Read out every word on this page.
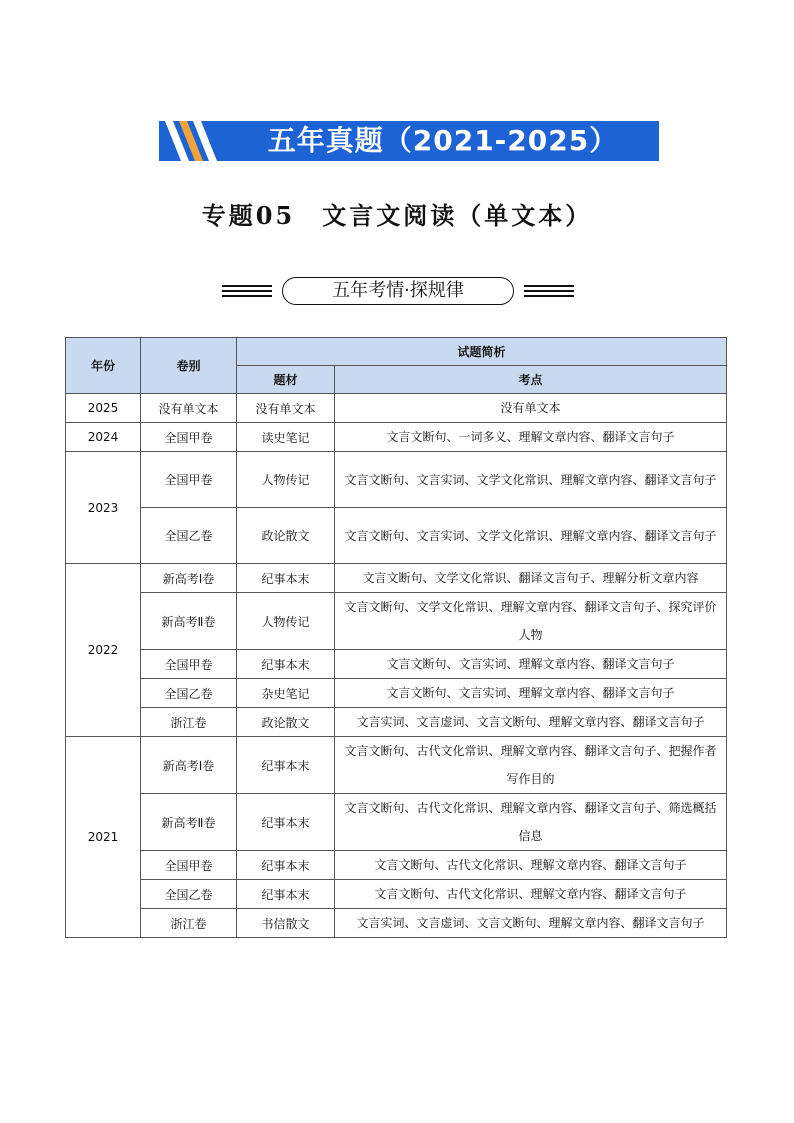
五年真题（2021-2025）
专题05　文言文阅读（单文本）
五年考情·探规律
年份	卷别	试题简析	
		题材	考点
2025	没有单文本	没有单文本	没有单文本
2024	全国甲卷	读史笔记	文言文断句、一词多义、理解文章内容、翻译文言句子
2023	全国甲卷	人物传记	文言文断句、文言实词、文学文化常识、理解文章内容、翻译文言句子
	全国乙卷	政论散文	文言文断句、文言实词、文学文化常识、理解文章内容、翻译文言句子
2022	新高考Ⅰ卷	纪事本末	文言文断句、文学文化常识、翻译文言句子、理解分析文章内容
	新高考Ⅱ卷	人物传记	文言文断句、文学文化常识、理解文章内容、翻译文言句子、探究评价人物
	全国甲卷	纪事本末	文言文断句、文言实词、理解文章内容、翻译文言句子
	全国乙卷	杂史笔记	文言文断句、文言实词、理解文章内容、翻译文言句子
	浙江卷	政论散文	文言实词、文言虚词、文言文断句、理解文章内容、翻译文言句子
2021	新高考Ⅰ卷	纪事本末	文言文断句、古代文化常识、理解文章内容、翻译文言句子、把握作者写作目的
	新高考Ⅱ卷	纪事本末	文言文断句、古代文化常识、理解文章内容、翻译文言句子、筛选概括信息
	全国甲卷	纪事本末	文言文断句、古代文化常识、理解文章内容、翻译文言句子
	全国乙卷	纪事本末	文言文断句、古代文化常识、理解文章内容、翻译文言句子
	浙江卷	书信散文	文言实词、文言虚词、文言文断句、理解文章内容、翻译文言句子
